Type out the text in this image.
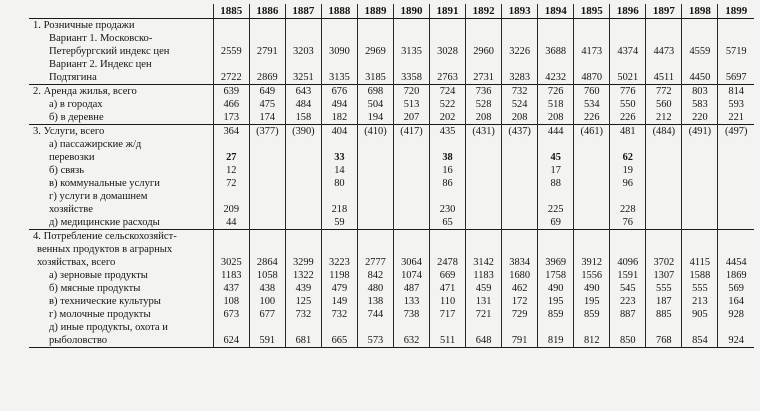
	1885	1886	1887	1888	1889	1890	1891	1892	1893	1894	1895	1896	1897	1898	1899
1. Розничные продажи															
Вариант 1. Московско-															
Петербургский индекс цен	2559	2791	3203	3090	2969	3135	3028	2960	3226	3688	4173	4374	4473	4559	5719
Вариант 2. Индекс цен															
Подтягина	2722	2869	3251	3135	3185	3358	2763	2731	3283	4232	4870	5021	4511	4450	5697
2. Аренда жилья, всего	639	649	643	676	698	720	724	736	732	726	760	776	772	803	814
а) в городах	466	475	484	494	504	513	522	528	524	518	534	550	560	583	593
б) в деревне	173	174	158	182	194	207	202	208	208	208	226	226	212	220	221
3. Услуги, всего	364	(377)	(390)	404	(410)	(417)	435	(431)	(437)	444	(461)	481	(484)	(491)	(497)
а) пассажирские ж/д															
перевозки	27			33			38			45		62			
б) связь	12			14			16			17		19			
в) коммунальные услуги	72			80			86			88		96			
г) услуги в домашнем															
хозяйстве	209			218			230			225		228			
д) медицинские расходы	44			59			65			69		76			
4. Потребление сельскохозяйст-															
венных продуктов в аграрных															
хозяйствах, всего	3025	2864	3299	3223	2777	3064	2478	3142	3834	3969	3912	4096	3702	4115	4454
а) зерновые продукты	1183	1058	1322	1198	842	1074	669	1183	1680	1758	1556	1591	1307	1588	1869
б) мясные продукты	437	438	439	479	480	487	471	459	462	490	490	545	555	555	569
в) технические культуры	108	100	125	149	138	133	110	131	172	195	195	223	187	213	164
г) молочные продукты	673	677	732	732	744	738	717	721	729	859	859	887	885	905	928
д) иные продукты, охота и															
рыболовство	624	591	681	665	573	632	511	648	791	819	812	850	768	854	924
